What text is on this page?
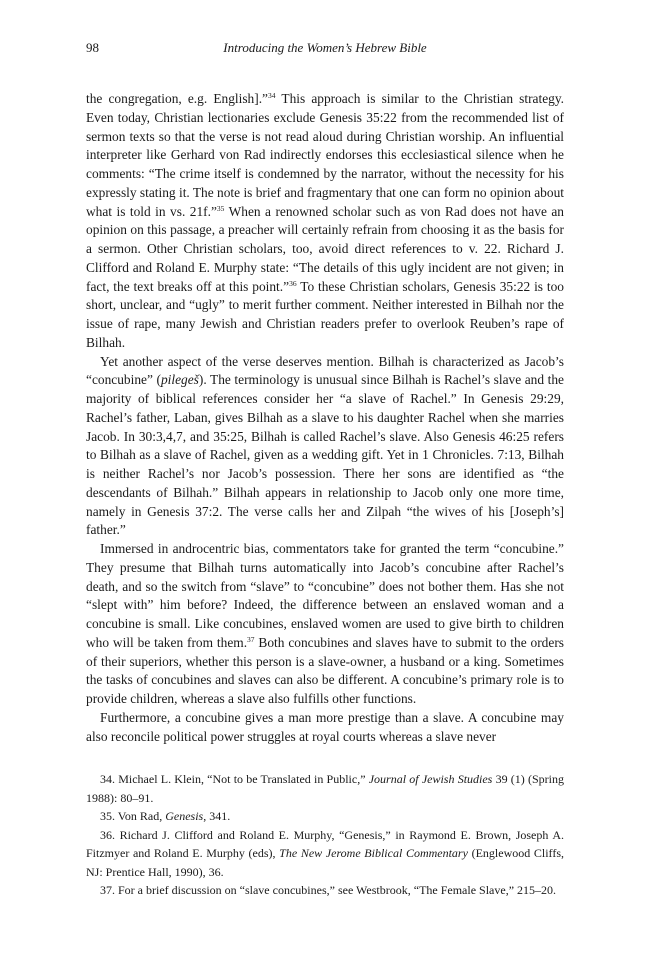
98	Introducing the Women’s Hebrew Bible

the congregation, e.g. English].”$^{34}$ This approach is similar to the Christian strategy. Even today, Christian lectionaries exclude Genesis 35:22 from the recommended list of sermon texts so that the verse is not read aloud during Christian worship. An influential interpreter like Gerhard von Rad indirectly endorses this ecclesiastical silence when he comments: “The crime itself is condemned by the narrator, without the necessity for his expressly stating it. The note is brief and fragmentary that one can form no opinion about what is told in vs. 21f.”$^{35}$ When a renowned scholar such as von Rad does not have an opinion on this passage, a preacher will certainly refrain from choosing it as the basis for a sermon. Other Christian scholars, too, avoid direct references to v. 22. Richard J. Clifford and Roland E. Murphy state: “The details of this ugly incident are not given; in fact, the text breaks off at this point.”$^{36}$ To these Christian scholars, Genesis 35:22 is too short, unclear, and “ugly” to merit further comment. Neither interested in Bilhah nor the issue of rape, many Jewish and Christian readers prefer to overlook Reuben’s rape of Bilhah.

Yet another aspect of the verse deserves mention. Bilhah is characterized as Jacob’s “concubine” (pilegeš). The terminology is unusual since Bilhah is Rachel’s slave and the majority of biblical references consider her “a slave of Rachel.” In Genesis 29:29, Rachel’s father, Laban, gives Bilhah as a slave to his daughter Rachel when she marries Jacob. In 30:3,4,7, and 35:25, Bilhah is called Rachel’s slave. Also Genesis 46:25 refers to Bilhah as a slave of Rachel, given as a wedding gift. Yet in 1 Chronicles. 7:13, Bilhah is neither Rachel’s nor Jacob’s possession. There her sons are identified as “the descendants of Bilhah.” Bilhah appears in relationship to Jacob only one more time, namely in Genesis 37:2. The verse calls her and Zilpah “the wives of his [Joseph’s] father.”

Immersed in androcentric bias, commentators take for granted the term “concubine.” They presume that Bilhah turns automatically into Jacob’s concubine after Rachel’s death, and so the switch from “slave” to “concubine” does not bother them. Has she not “slept with” him before? Indeed, the difference between an enslaved woman and a concubine is small. Like concubines, enslaved women are used to give birth to children who will be taken from them.$^{37}$ Both concubines and slaves have to submit to the orders of their superiors, whether this person is a slave-owner, a husband or a king. Sometimes the tasks of concubines and slaves can also be different. A concubine’s primary role is to provide children, whereas a slave also fulfills other functions.

Furthermore, a concubine gives a man more prestige than a slave. A concubine may also reconcile political power struggles at royal courts whereas a slave never

34. Michael L. Klein, “Not to be Translated in Public,” Journal of Jewish Studies 39 (1) (Spring 1988): 80–91.

35. Von Rad, Genesis, 341.

36. Richard J. Clifford and Roland E. Murphy, “Genesis,” in Raymond E. Brown, Joseph A. Fitzmyer and Roland E. Murphy (eds), The New Jerome Biblical Commentary (Englewood Cliffs, NJ: Prentice Hall, 1990), 36.

37. For a brief discussion on “slave concubines,” see Westbrook, “The Female Slave,” 215–20.
